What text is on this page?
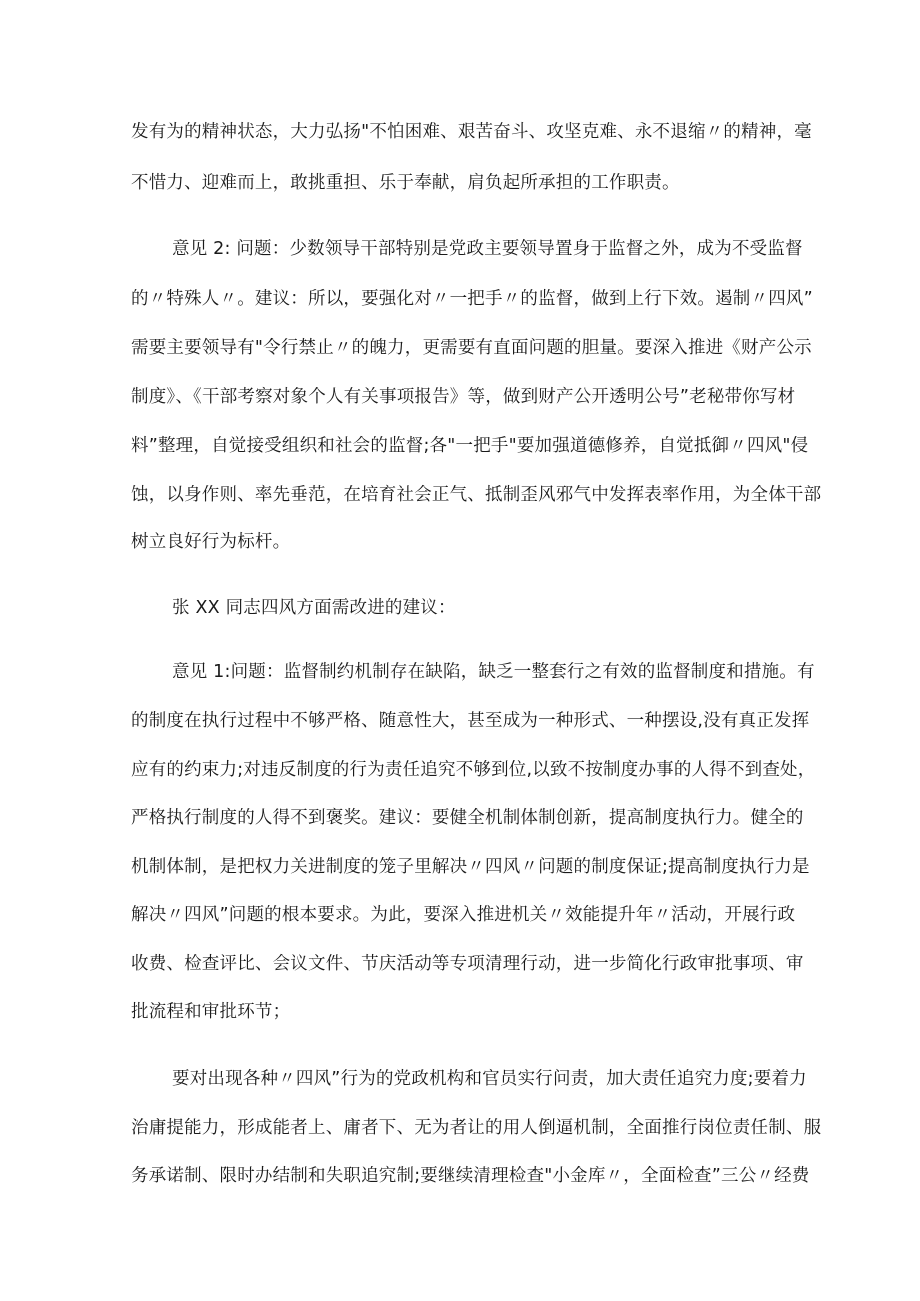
发有为的精神状态，大力弘扬"不怕困难、艰苦奋斗、攻坚克难、永不退缩〃的精神，毫

不惜力、迎难而上，敢挑重担、乐于奉献，肩负起所承担的工作职责。

意见 2: 问题：少数领导干部特别是党政主要领导置身于监督之外，成为不受监督

的〃特殊人〃。建议：所以，要强化对〃一把手〃的监督，做到上行下效。遏制〃四风”

需要主要领导有"令行禁止〃的魄力，更需要有直面问题的胆量。要深入推进《财产公示

制度》、《干部考察对象个人有关事项报告》等，做到财产公开透明公号”老秘带你写材

料”整理，自觉接受组织和社会的监督;各"一把手"要加强道德修养，自觉抵御〃四风"侵

蚀，以身作则、率先垂范，在培育社会正气、抵制歪风邪气中发挥表率作用，为全体干部

树立良好行为标杆。

张 XX 同志四风方面需改进的建议：

意见 1:问题：监督制约机制存在缺陷，缺乏一整套行之有效的监督制度和措施。有

的制度在执行过程中不够严格、随意性大，甚至成为一种形式、一种摆设,没有真正发挥

应有的约束力;对违反制度的行为责任追究不够到位,以致不按制度办事的人得不到查处，

严格执行制度的人得不到褒奖。建议：要健全机制体制创新，提高制度执行力。健全的

机制体制，是把权力关进制度的笼子里解决〃四风〃问题的制度保证;提高制度执行力是

解决〃四风”问题的根本要求。为此，要深入推进机关〃效能提升年〃活动，开展行政

收费、检查评比、会议文件、节庆活动等专项清理行动，进一步简化行政审批事项、审

批流程和审批环节；

要对出现各种〃四风”行为的党政机构和官员实行问责，加大责任追究力度;要着力

治庸提能力，形成能者上、庸者下、无为者让的用人倒逼机制，全面推行岗位责任制、服

务承诺制、限时办结制和失职追究制;要继续清理检查"小金库〃，全面检查”三公〃经费
